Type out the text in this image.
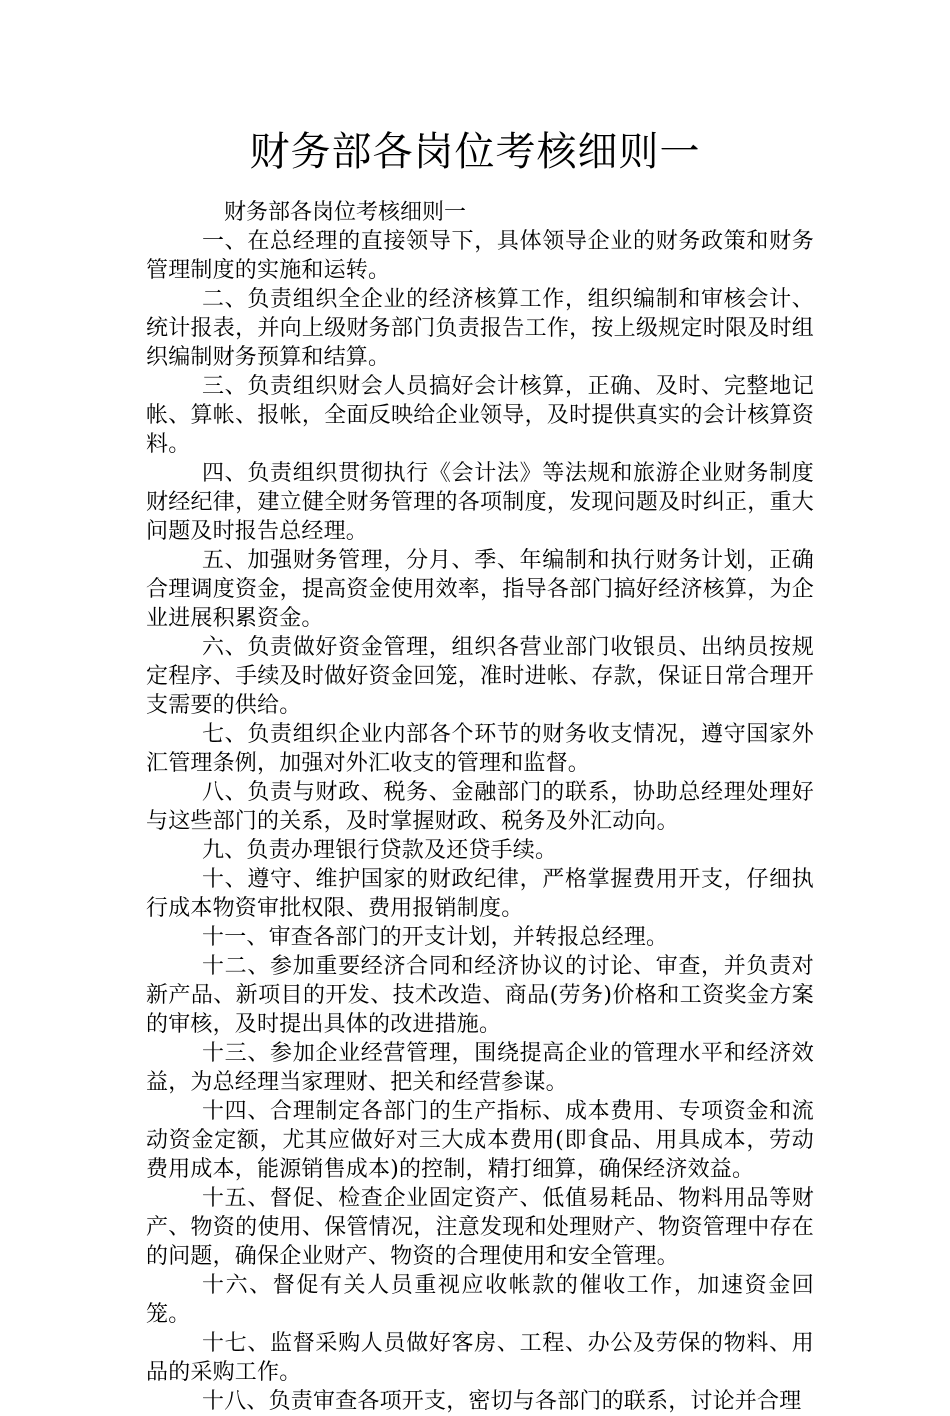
财务部各岗位考核细则一

财务部各岗位考核细则一

一、在总经理的直接领导下，具体领导企业的财务政策和财务管理制度的实施和运转。

二、负责组织全企业的经济核算工作，组织编制和审核会计、统计报表，并向上级财务部门负责报告工作，按上级规定时限及时组织编制财务预算和结算。

三、负责组织财会人员搞好会计核算，正确、及时、完整地记帐、算帐、报帐，全面反映给企业领导，及时提供真实的会计核算资料。

四、负责组织贯彻执行《会计法》等法规和旅游企业财务制度财经纪律，建立健全财务管理的各项制度，发现问题及时纠正，重大问题及时报告总经理。

五、加强财务管理，分月、季、年编制和执行财务计划，正确合理调度资金，提高资金使用效率，指导各部门搞好经济核算，为企业进展积累资金。

六、负责做好资金管理，组织各营业部门收银员、出纳员按规定程序、手续及时做好资金回笼，准时进帐、存款，保证日常合理开支需要的供给。

七、负责组织企业内部各个环节的财务收支情况，遵守国家外汇管理条例，加强对外汇收支的管理和监督。

八、负责与财政、税务、金融部门的联系，协助总经理处理好与这些部门的关系，及时掌握财政、税务及外汇动向。

九、负责办理银行贷款及还贷手续。

十、遵守、维护国家的财政纪律，严格掌握费用开支，仔细执行成本物资审批权限、费用报销制度。

十一、审查各部门的开支计划，并转报总经理。

十二、参加重要经济合同和经济协议的讨论、审查，并负责对新产品、新项目的开发、技术改造、商品(劳务)价格和工资奖金方案的审核，及时提出具体的改进措施。

十三、参加企业经营管理，围绕提高企业的管理水平和经济效益，为总经理当家理财、把关和经营参谋。

十四、合理制定各部门的生产指标、成本费用、专项资金和流动资金定额，尤其应做好对三大成本费用(即食品、用具成本，劳动费用成本，能源销售成本)的控制，精打细算，确保经济效益。

十五、督促、检查企业固定资产、低值易耗品、物料用品等财产、物资的使用、保管情况，注意发现和处理财产、物资管理中存在的问题，确保企业财产、物资的合理使用和安全管理。

十六、督促有关人员重视应收帐款的催收工作，加速资金回笼。

十七、监督采购人员做好客房、工程、办公及劳保的物料、用品的采购工作。

十八、负责审查各项开支，密切与各部门的联系，讨论并合理
